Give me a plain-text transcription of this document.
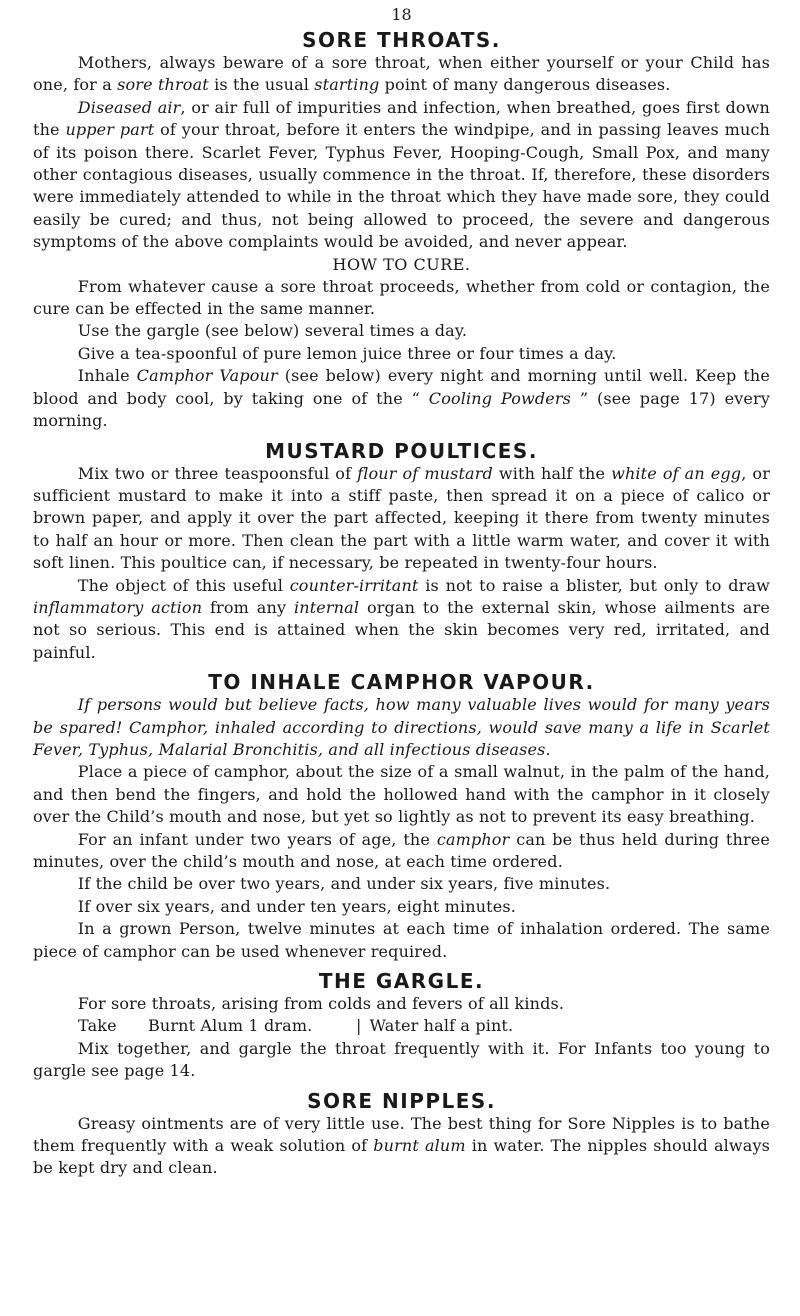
18
SORE THROATS.

Mothers, always beware of a sore throat, when either yourself or your Child has one, for a sore throat is the usual starting point of many dangerous diseases.

Diseased air, or air full of impurities and infection, when breathed, goes first down the upper part of your throat, before it enters the windpipe, and in passing leaves much of its poison there. Scarlet Fever, Typhus Fever, Hooping-Cough, Small Pox, and many other contagious diseases, usually commence in the throat. If, therefore, these disorders were immediately attended to while in the throat which they have made sore, they could easily be cured; and thus, not being allowed to proceed, the severe and dangerous symptoms of the above complaints would be avoided, and never appear.

HOW TO CURE.

From whatever cause a sore throat proceeds, whether from cold or contagion, the cure can be effected in the same manner.

Use the gargle (see below) several times a day.

Give a tea-spoonful of pure lemon juice three or four times a day.

Inhale Camphor Vapour (see below) every night and morning until well. Keep the blood and body cool, by taking one of the “ Cooling Powders ” (see page 17) every morning.

MUSTARD POULTICES.

Mix two or three teaspoonsful of flour of mustard with half the white of an egg, or sufficient mustard to make it into a stiff paste, then spread it on a piece of calico or brown paper, and apply it over the part affected, keeping it there from twenty minutes to half an hour or more. Then clean the part with a little warm water, and cover it with soft linen. This poultice can, if necessary, be repeated in twenty-four hours.

The object of this useful counter-irritant is not to raise a blister, but only to draw inflammatory action from any internal organ to the external skin, whose ailments are not so serious. This end is attained when the skin becomes very red, irritated, and painful.

TO INHALE CAMPHOR VAPOUR.

If persons would but believe facts, how many valuable lives would for many years be spared! Camphor, inhaled according to directions, would save many a life in Scarlet Fever, Typhus, Malarial Bronchitis, and all infectious diseases.

Place a piece of camphor, about the size of a small walnut, in the palm of the hand, and then bend the fingers, and hold the hollowed hand with the camphor in it closely over the Child’s mouth and nose, but yet so lightly as not to prevent its easy breathing.

For an infant under two years of age, the camphor can be thus held during three minutes, over the child’s mouth and nose, at each time ordered.

If the child be over two years, and under six years, five minutes.

If over six years, and under ten years, eight minutes.

In a grown Person, twelve minutes at each time of inhalation ordered. The same piece of camphor can be used whenever required.

THE GARGLE.

For sore throats, arising from colds and fevers of all kinds.

Take	Burnt Alum 1 dram.	| Water half a pint.

Mix together, and gargle the throat frequently with it. For Infants too young to gargle see page 14.

SORE NIPPLES.

Greasy ointments are of very little use. The best thing for Sore Nipples is to bathe them frequently with a weak solution of burnt alum in water. The nipples should always be kept dry and clean.
